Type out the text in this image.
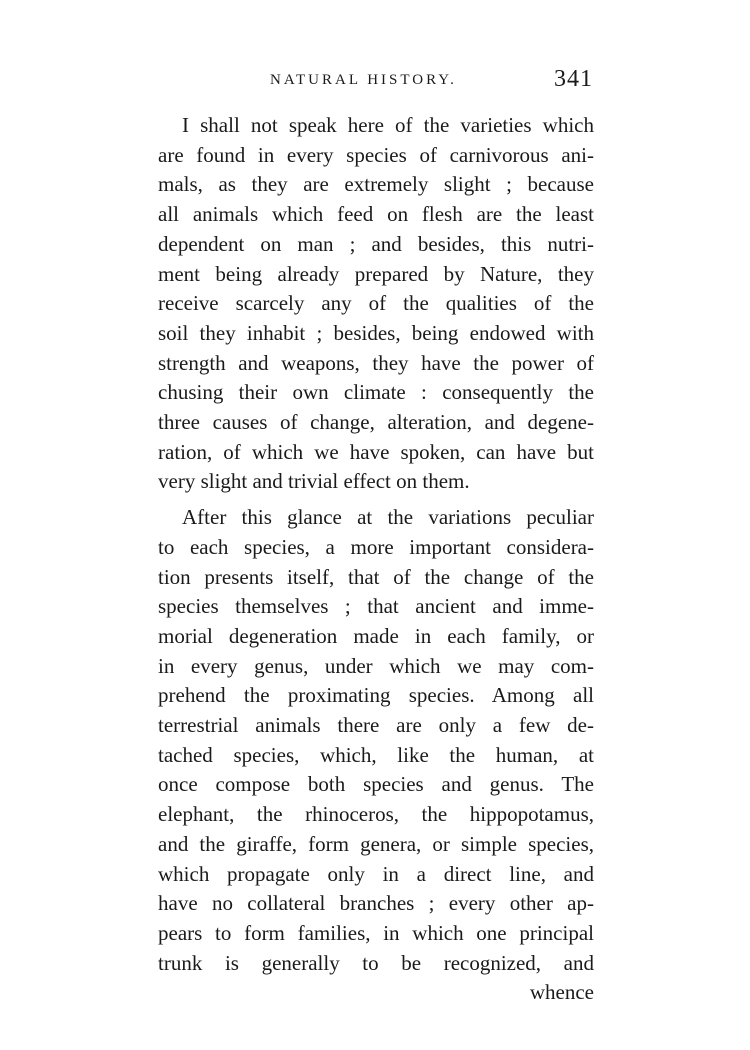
NATURAL HISTORY.	341
I shall not speak here of the varieties which
are found in every species of carnivorous ani-
mals, as they are extremely slight ; because
all animals which feed on flesh are the least
dependent on man ; and besides, this nutri-
ment being already prepared by Nature, they
receive scarcely any of the qualities of the
soil they inhabit ; besides, being endowed with
strength and weapons, they have the power of
chusing their own climate : consequently the
three causes of change, alteration, and degene-
ration, of which we have spoken, can have but
very slight and trivial effect on them.
After this glance at the variations peculiar
to each species, a more important considera-
tion presents itself, that of the change of the
species themselves ; that ancient and imme-
morial degeneration made in each family, or
in every genus, under which we may com-
prehend the proximating species. Among all
terrestrial animals there are only a few de-
tached species, which, like the human, at
once compose both species and genus. The
elephant, the rhinoceros, the hippopotamus,
and the giraffe, form genera, or simple species,
which propagate only in a direct line, and
have no collateral branches ; every other ap-
pears to form families, in which one principal
trunk is generally to be recognized, and
whence
